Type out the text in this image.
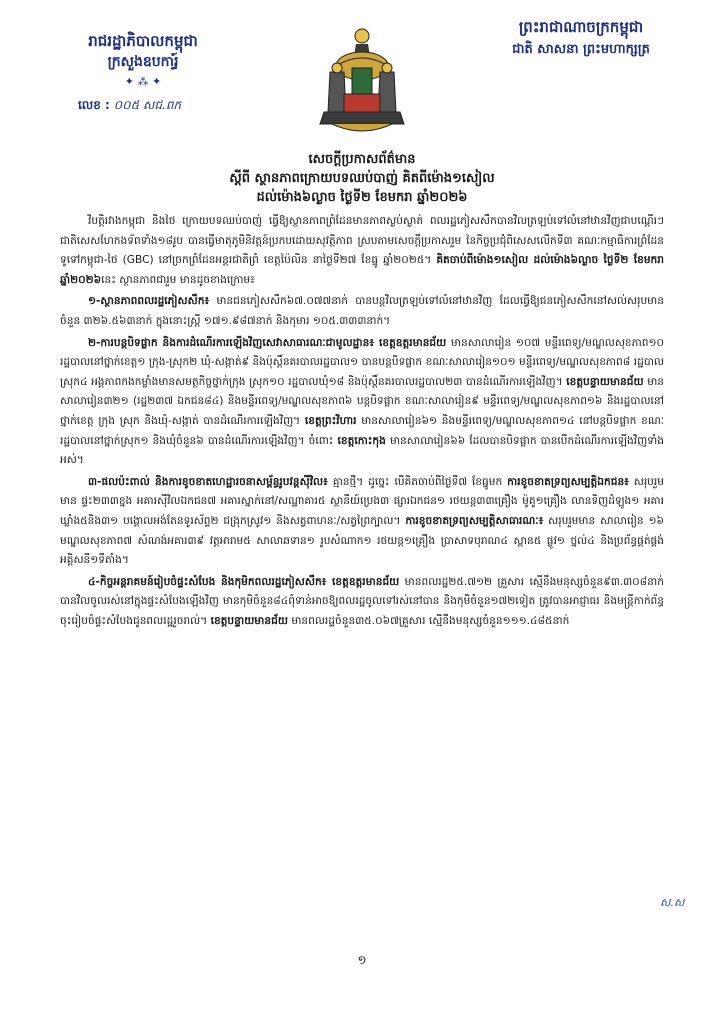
រាជរដ្ឋាភិបាលកម្ពុជា
ក្រសួងឧបការ្ធ៍
✦ ⁂ ✦
លេខ : ០០៥ សជ.ពក
ព្រះរាជាណាចក្រកម្ពុជា
ជាតិ សាសនា ព្រះមហាក្សត្រ
សេចក្ដីប្រកាសព័ត៌មាន
ស្ដីពី ស្ថានភាពក្រោយបទឈប់បាញ់ គិតពីម៉ោង១សៀល
ដល់ម៉ោង៦ល្ងាច ថ្ងៃទី២ ខែមករា ឆ្នាំ២០២៦

វិបត្តិរវាងកម្ពុជា និងថៃ ក្រោយបទឈប់បាញ់ ធ្វើឱ្យស្ថានភាពព្រំដែនមានភាពស្ងប់ស្ងាត់ ពលរដ្ឋភៀសសឹកបានវិលត្រឡប់ទៅលំនៅឋានវិញជាបណ្ដើរៗ ជាតិសេសហែកងទ័ពទាំង១៨រូប បានធ្វើមាតុភូមិនិវត្តន៍ប្រកបដោយសុវត្ថិភាព ស្របតាមសេចក្ដីប្រកាសរួម នៃកិច្ចប្រជុំពិសេសលើកទី៣ គណៈកម្មាធិការព្រំដែនទូទៅកម្ពុជា-ថៃ (GBC) នៅច្រកព្រំដែនអន្តរជាតិព្រំ ខេត្តប៉ៃលិន នាថ្ងៃទី២៧ ខែធ្នូ ឆ្នាំ២០២៥។ គិតចាប់ពីម៉ោង១សៀល ដល់ម៉ោង៦ល្ងាច ថ្ងៃទី២ ខែមករា ឆ្នាំ២០២៦នេះ ស្ថានភាពជារួម មានដូចខាងក្រោម៖

១-ស្ថានភាពពលរដ្ឋភៀសសឹក៖ មានជនភៀសសឹក៦៧.០៧៧នាក់ បានបន្តវិលត្រឡប់ទៅលំនៅឋានវិញ ដែលធ្វើឱ្យជនភៀសសឹកនៅសល់សរុបមានចំនួន ៣២៦.៥៦៣នាក់ ក្នុងនោះស្ត្រី ១៧១.៩៨៧នាក់ និងកុមារ ១០៥.៣៣៣នាក់។

២-ការបន្តបិទផ្លាក និងការដំណើរការឡើងវិញសេវាសាធារណៈជាមូលដ្ឋាន៖ ខេត្តឧត្ដរមានជ័យ មានសាលារៀន ១០៧ មន្ទីរពេទ្យ/មណ្ឌលសុខភាព១០ រដ្ឋបាលនៅថ្នាក់ខេត្ត១ ក្រុង-ស្រុក២ ឃុំ-សង្កាត់៩ និងប៉ុស្តិ៍នគរបាលរដ្ឋបាល១ បានបន្តបិទផ្លាក ខណៈសាលារៀន១០១ មន្ទីរពេទ្យ/មណ្ឌលសុខភាព៨ រដ្ឋបាលស្រុក៤ អង្គភាពកងកម្លាំងមានសមត្ថកិច្ចថ្នាក់ក្រុង ស្រុក១០ រដ្ឋបាលឃុំ១៨ និងប៉ុស្តិ៍នគរបាលរដ្ឋបាល២៣ បានដំណើរការឡើងវិញ។ ខេត្តបន្ទាយមានជ័យ មានសាលារៀន៣២១ (រដ្ឋ២៣៧ ឯកជន៨៤) និងមន្ទីរពេទ្យ/មណ្ឌលសុខភាព៦ បន្តបិទផ្លាក ខណៈសាលារៀន៩ មន្ទីរពេទ្យ/មណ្ឌលសុខភាព១៦ និងរដ្ឋបាលនៅថ្នាក់ខេត្ត ក្រុង ស្រុក និងឃុំ-សង្កាត់ បានដំណើរការឡើងវិញ។ ខេត្តព្រះវិហារ មានសាលារៀន៦១ និងមន្ទីរពេទ្យ/មណ្ឌលសុខភាព១៤ នៅបន្តបិទផ្លាក ខណៈរដ្ឋបាលនៅថ្នាក់ស្រុក១ និងឃុំចំនួន៦ បានដំណើរការឡើងវិញ។ ចំពោះ ខេត្តកោះកុង មានសាលារៀន៦៦ ដែលបានបិទផ្លាក បានបើកដំណើរការឡើងវិញទាំងអស់។

៣-ផលប៉ះពាល់ និងការខូចខាតហេដ្ឋារចនាសម្ព័ន្ធរូបវន្តស៊ីវិល៖ គ្មានថ្មី។ ដូច្នេះ បើគិតចាប់ពីថ្ងៃទី៧ ខែធ្នូមក ការខូចខាតទ្រព្យសម្បត្តិឯកជន៖ សរុបរួមមាន ផ្ទះ២៣៣ខ្នង អគារស៊ីវិលឯកជន៧ អគារស្នាក់នៅ/សណ្ឋាគារ៥ ស្ថានីយ៍ប្រេង៣ ផ្សារឯកជន១ រថយន្ត៣៣គ្រឿង ម៉ូតូ១គ្រឿង លានទិញដំឡូង១ អគារឃ្លាំង៥និង៣១ បង្គោលអង់តែនទូរស័ព្ទ២ ជង្រុកស្រូវ១ និងសត្វពាហនៈ/សត្វព្រៃក្បាល។ ការខូចខាតទ្រព្យសម្បត្តិសាធារណៈ៖ សរុបរួមមាន សាលារៀន ១៦ មណ្ឌលសុខភាព៧ សំណង់អគារ៣៩ វត្តអារាម៥ សាលាឆទាន១ រូបសំណាក១ រថយន្ត១គ្រឿង ប្រាសាទបុរាណ៤ ស្ពាន៥ ផ្លូវ១ ថ្នល់៤ និងប្រព័ន្ធផ្គត់ផ្គង់អគ្គិសនី១ទីតាំង។

៤-កិច្ចអន្តរាគមន៍រៀបចំផ្ទះសំបែង និងកុមិកពលរដ្ឋភៀសសឹក៖ ខេត្តឧត្ដរមានជ័យ មានពលរដ្ឋ២៥.៧១២ គ្រួសារ ស្មើនឹងមនុស្សចំនួន៩៣.៣០៨នាក់ បានវិលចូលរស់នៅក្នុងផ្ទះសំបែងឡើងវិញ មានកុមិចំនួន៨៤ពុំទាន់អាចឱ្យពលរដ្ឋចូលទៅរស់នៅបាន និងកុមិចំនួន១៧២ទៀត ត្រូវបានអាជ្ញាធរ និងមន្ត្រីកាក់ព័ន្ធចុះរៀបចំផ្ទះសំបែងជូនពលរដ្ឋរួចរាល់។ ខេត្តបន្ទាយមានជ័យ មានពលរដ្ឋចំនួន៣៥.០៦៧គ្រួសារ ស្មើនឹងមនុស្សចំនួន១១១.៤៨៥នាក់

ស.ស
១
